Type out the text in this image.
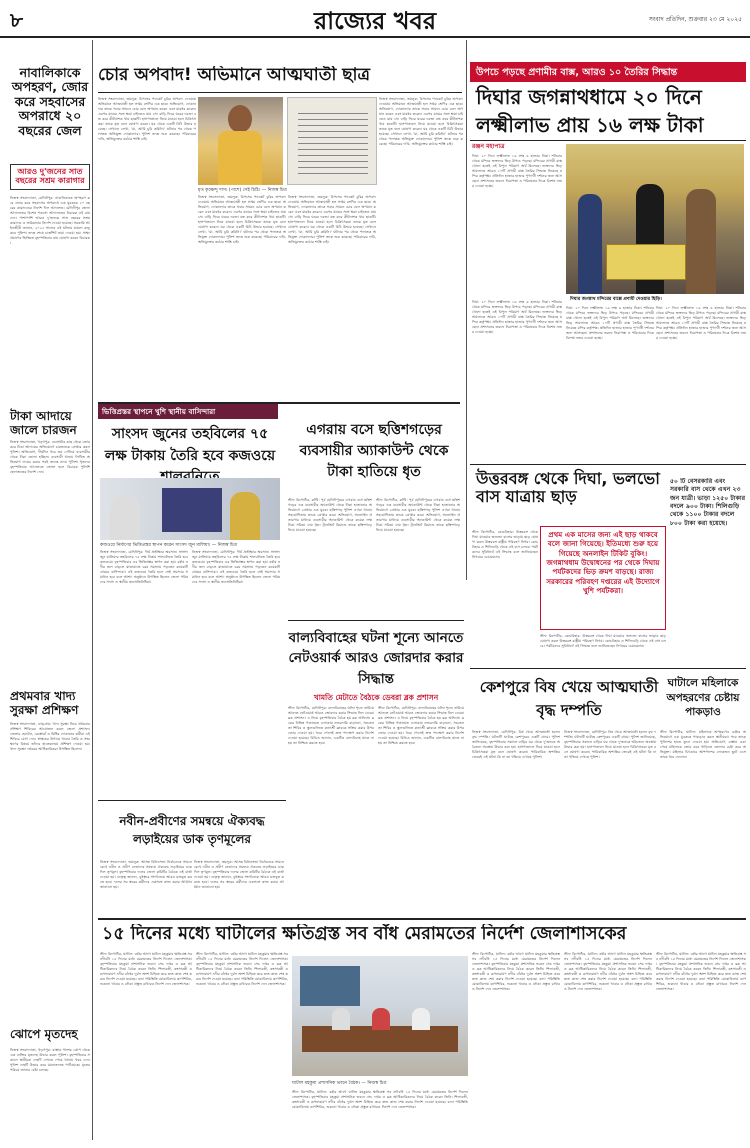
৮	রাজ্যের খবর	সংবাদ প্রতিদিন, শুক্রবার ২৩ মে ২০২৫
নাবালিকাকে অপহরণ, জোর করে সহবাসের অপরাধে ২০ বছরের জেল
আরও দু'জনের সাত বছরের সশ্রম কারাগার
নিজস্ব সংবাদদাতা, মেদিনীপুর: নাবালিকাকে অপহরণ করে জোর করে সহবাসের অপরাধে এক যুবককে ২০ বছরের কারাদণ্ডের নির্দেশ দিল আদালত। মেদিনীপুর জেলা আদালতের বিশেষ পকসো আদালতের বিচারক এই রায় দেন। পাশাপাশি আরও দু'জনকে সাত বছরের সশ্রম কারাদণ্ড ও জরিমানার নির্দেশ দেওয়া হয়েছে। সরকারি আইনজীবী জানান, ২০২২ সালের এই ঘটনায় মামলা রুজু করে পুলিশ। তদন্ত শেষে চার্জশিট জমা দেওয়া হয়। সাক্ষ্যপ্রমাণের ভিত্তিতে বৃহস্পতিবার রায় ঘোষণা করেন বিচারক।
টাকা আদায়ে জালে চারজন
নিজস্ব সংবাদদাতা, খড়গপুর: ব্যবসায়ীর কাছ থেকে জোর করে টাকা আদায়ের অভিযোগে চারজনকে গ্রেপ্তার করল পুলিশ। অভিযোগ, দীর্ঘদিন ধরে ভয় দেখিয়ে ব্যবসায়ীর থেকে টাকা তোলা হচ্ছিল। ব্যবসায়ী থানায় লিখিত অভিযোগ দায়ের করার পরই তদন্তে নামে পুলিশ। ধৃতদের বৃহস্পতিবার আদালতে তোলা হলে বিচারক পুলিশি হেফাজতের নির্দেশ দেন।
প্রথমবার খাদ্য সুরক্ষা প্রশিক্ষণ
নিজস্ব সংবাদদাতা, ঝাড়গ্রাম: খাদ্য সুরক্ষা নিয়ে প্রথমবার প্রশিক্ষণ শিবিরের আয়োজন করল জেলা প্রশাসন। জেলার হোটেল, রেস্তোরাঁ ও মিষ্টির দোকানের কর্মীরা এই শিবিরে যোগ দেন। স্বাস্থ্যকর উপায়ে খাবার তৈরি ও সংরক্ষণের বিষয়ে তাঁদের হাতেকলমে প্রশিক্ষণ দেওয়া হয়। খাদ্য সুরক্ষা দপ্তরের আধিকারিকরা উপস্থিত ছিলেন।
ঝোপে মৃতদেহ
নিজস্ব সংবাদদাতা, খড়গপুর: রাস্তার পাশের ঝোপ থেকে এক ব্যক্তির মৃতদেহ উদ্ধার করল পুলিশ। বৃহস্পতিবার সকালে স্থানীয়রা দেহটি দেখতে পেয়ে থানায় খবর দেন। পুলিশ দেহটি উদ্ধার করে ময়নাতদন্তে পাঠিয়েছে। মৃতের পরিচয় জানার চেষ্টা চলছে।
চোর অপবাদ! অভিমানে আত্মঘাতী ছাত্র
নিজস্ব সংবাদদাতা, তমলুক: চিপসের প্যাকেট চুরির অপবাদ দেওয়ায় অভিমানে আত্মঘাতী হল সপ্তম শ্রেণির এক ছাত্র। অভিযোগ, দোকানদার তাকে সবার সামনে চোর বলে অপমান করেন এবং মারধর করেন। এরপর মায়ের সঙ্গে ক্ষমা চাইতেও যায় সে। বাড়ি ফিরে ঘরের দরজা বন্ধ করে কীটনাশক খায় ছাত্রটি। হাসপাতালে নিয়ে যাওয়া হলে চিকিৎসকরা তাকে মৃত বলে ঘোষণা করেন। ঘর থেকে একটি চিঠি উদ্ধার হয়েছে। সেখানে লেখা, 'মা, আমি চুরি করিনি।' ঘটনার পর থেকে পলাতক অভিযুক্ত দোকানদার। পুলিশ তদন্ত শুরু করেছে। পরিবারের দাবি, অভিযুক্তের কঠোর শাস্তি চাই।
মৃত কৃষ্ণেন্দু দাস। (পাশে) সেই চিঠি। — নিজস্ব চিত্র
নিজস্ব সংবাদদাতা, তমলুক: চিপসের প্যাকেট চুরির অপবাদ দেওয়ায় অভিমানে আত্মঘাতী হল সপ্তম শ্রেণির এক ছাত্র। অভিযোগ, দোকানদার তাকে সবার সামনে চোর বলে অপমান করেন এবং মারধর করেন। এরপর মায়ের সঙ্গে ক্ষমা চাইতেও যায় সে। বাড়ি ফিরে ঘরের দরজা বন্ধ করে কীটনাশক খায় ছাত্রটি। হাসপাতালে নিয়ে যাওয়া হলে চিকিৎসকরা তাকে মৃত বলে ঘোষণা করেন। ঘর থেকে একটি চিঠি উদ্ধার হয়েছে। সেখানে লেখা, 'মা, আমি চুরি করিনি।' ঘটনার পর থেকে পলাতক অভিযুক্ত দোকানদার। পুলিশ তদন্ত শুরু করেছে। পরিবারের দাবি, অভিযুক্তের কঠোর শাস্তি চাই।
নিজস্ব সংবাদদাতা, তমলুক: চিপসের প্যাকেট চুরির অপবাদ দেওয়ায় অভিমানে আত্মঘাতী হল সপ্তম শ্রেণির এক ছাত্র। অভিযোগ, দোকানদার তাকে সবার সামনে চোর বলে অপমান করেন এবং মারধর করেন। এরপর মায়ের সঙ্গে ক্ষমা চাইতেও যায় সে। বাড়ি ফিরে ঘরের দরজা বন্ধ করে কীটনাশক খায় ছাত্রটি। হাসপাতালে নিয়ে যাওয়া হলে চিকিৎসকরা তাকে মৃত বলে ঘোষণা করেন। ঘর থেকে একটি চিঠি উদ্ধার হয়েছে। সেখানে লেখা, 'মা, আমি চুরি করিনি।' ঘটনার পর থেকে পলাতক অভিযুক্ত দোকানদার। পুলিশ তদন্ত শুরু করেছে। পরিবারের দাবি, অভিযুক্তের কঠোর শাস্তি চাই।
নিজস্ব সংবাদদাতা, তমলুক: চিপসের প্যাকেট চুরির অপবাদ দেওয়ায় অভিমানে আত্মঘাতী হল সপ্তম শ্রেণির এক ছাত্র। অভিযোগ, দোকানদার তাকে সবার সামনে চোর বলে অপমান করেন এবং মারধর করেন। এরপর মায়ের সঙ্গে ক্ষমা চাইতেও যায় সে। বাড়ি ফিরে ঘরের দরজা বন্ধ করে কীটনাশক খায় ছাত্রটি। হাসপাতালে নিয়ে যাওয়া হলে চিকিৎসকরা তাকে মৃত বলে ঘোষণা করেন। ঘর থেকে একটি চিঠি উদ্ধার হয়েছে। সেখানে লেখা, 'মা, আমি চুরি করিনি।' ঘটনার পর থেকে পলাতক অভিযুক্ত দোকানদার। পুলিশ তদন্ত শুরু করেছে। পরিবারের দাবি, অভিযুক্তের কঠোর শাস্তি চাই।
উপচে পড়ছে প্রণামীর বাক্স, আরও ১০ তৈরির সিদ্ধান্ত
দিঘার জগন্নাথধামে ২০ দিনে
লক্ষ্মীলাভ প্রায় ১৬ লক্ষ টাকা
রঞ্জন মহাপাত্র
দিঘা: ২০ দিনে লক্ষ্মীলাভ ১৬ লক্ষ ৬ হাজার টাকা। শনিবার থেকে মন্দিরে ভক্তদের ভিড় উপচে পড়ছে। মন্দিরের প্রণামী বাক্স খোলা হতেই এই বিপুল পরিমাণ অর্থ মিলেছে। ভক্তদের ভিড় সামলাতে আরও ১০টি প্রণামী বাক্স তৈরির সিদ্ধান্ত নিয়েছে মন্দির কর্তৃপক্ষ। প্রতিদিন হাজার হাজার পুণ্যার্থী দর্শনের জন্য আসছেন। প্রশাসনের তরফে নিরাপত্তা ও পরিষেবার দিকে বিশেষ নজর দেওয়া হচ্ছে।
দিঘার জগন্নাথ মন্দিরের বাক্সে প্রণামী দেওয়ার ছিড়ি।
দিঘা: ২০ দিনে লক্ষ্মীলাভ ১৬ লক্ষ ৬ হাজার টাকা। শনিবার থেকে মন্দিরে ভক্তদের ভিড় উপচে পড়ছে। মন্দিরের প্রণামী বাক্স খোলা হতেই এই বিপুল পরিমাণ অর্থ মিলেছে। ভক্তদের ভিড় সামলাতে আরও ১০টি প্রণামী বাক্স তৈরির সিদ্ধান্ত নিয়েছে মন্দির কর্তৃপক্ষ। প্রতিদিন হাজার হাজার পুণ্যার্থী দর্শনের জন্য আসছেন। প্রশাসনের তরফে নিরাপত্তা ও পরিষেবার দিকে বিশেষ নজর দেওয়া হচ্ছে।
দিঘা: ২০ দিনে লক্ষ্মীলাভ ১৬ লক্ষ ৬ হাজার টাকা। শনিবার থেকে মন্দিরে ভক্তদের ভিড় উপচে পড়ছে। মন্দিরের প্রণামী বাক্স খোলা হতেই এই বিপুল পরিমাণ অর্থ মিলেছে। ভক্তদের ভিড় সামলাতে আরও ১০টি প্রণামী বাক্স তৈরির সিদ্ধান্ত নিয়েছে মন্দির কর্তৃপক্ষ। প্রতিদিন হাজার হাজার পুণ্যার্থী দর্শনের জন্য আসছেন। প্রশাসনের তরফে নিরাপত্তা ও পরিষেবার দিকে বিশেষ নজর দেওয়া হচ্ছে।
দিঘা: ২০ দিনে লক্ষ্মীলাভ ১৬ লক্ষ ৬ হাজার টাকা। শনিবার থেকে মন্দিরে ভক্তদের ভিড় উপচে পড়ছে। মন্দিরের প্রণামী বাক্স খোলা হতেই এই বিপুল পরিমাণ অর্থ মিলেছে। ভক্তদের ভিড় সামলাতে আরও ১০টি প্রণামী বাক্স তৈরির সিদ্ধান্ত নিয়েছে মন্দির কর্তৃপক্ষ। প্রতিদিন হাজার হাজার পুণ্যার্থী দর্শনের জন্য আসছেন। প্রশাসনের তরফে নিরাপত্তা ও পরিষেবার দিকে বিশেষ নজর দেওয়া হচ্ছে।
উত্তরবঙ্গ থেকে দিঘা, ভলভো বাস যাত্রায় ছাড়
স্টাফ রিপোর্টার, কোচবিহার: উত্তরবঙ্গ থেকে দিঘা যাওয়ার ভলভো বাসের ভাড়ায় ছাড় ঘোষণা করল উত্তরবঙ্গ রাষ্ট্রীয় পরিবহণ নিগম। কোচবিহার ও শিলিগুড়ি থেকে এই বাস চলবে। পর্যটকদের সুবিধার্থে এই সিদ্ধান্ত বলে জানিয়েছেন নিগমের চেয়ারম্যান।
প্রথম এক মাসের জন্য এই ছাড় থাকবে বলে জানা গিয়েছে। ইতিমধ্যে শুরু হয়ে গিয়েছে অনলাইন টিকিট বুকিং। জগন্নাথধাম উদ্বোধনের পর থেকে দিঘায় পর্যটকদের ভিড় ক্রমশ বাড়ছে। রাজ্য সরকারের পরিবহণ দপ্তরের এই উদ্যোগে খুশি পর্যটকরা।
স্টাফ রিপোর্টার, কোচবিহার: উত্তরবঙ্গ থেকে দিঘা যাওয়ার ভলভো বাসের ভাড়ায় ছাড় ঘোষণা করল উত্তরবঙ্গ রাষ্ট্রীয় পরিবহণ নিগম। কোচবিহার ও শিলিগুড়ি থেকে এই বাস চলবে। পর্যটকদের সুবিধার্থে এই সিদ্ধান্ত বলে জানিয়েছেন নিগমের চেয়ারম্যান।
৫০ টি বেসরকারি এবং সরকারি বাস থেকে এখন ২৩ জন যাত্রী। ভাড়া ১২৫০ টাকার বদলে ৯০০ টাকা। শিলিগুড়ি থেকে ১১০০ টাকার বদলে ৮০০ টাকা করা হয়েছে।
ভিত্তিপ্রস্তর স্থাপনে খুশি স্থানীয় বাসিন্দারা
সাংসদ জুনের তহবিলের ৭৫ লক্ষ টাকায় তৈরি হবে কজওয়ে
কজওয়ে নির্মাণের ভিত্তিপ্রস্তর স্থাপন করেন সাংসদ জুন মালিয়া। — নিজস্ব চিত্র
নিজস্ব সংবাদদাতা, মেদিনীপুর: দীর্ঘ প্রতীক্ষার অবসান। সাংসদ জুন মালিয়ার তহবিলের ৭৫ লক্ষ টাকায় শালবনিতে তৈরি হবে কজওয়ে। বৃহস্পতিবার এর ভিত্তিপ্রস্তর স্থাপন করা হয়। বর্ষায় নদীর জল বাড়লে যাতায়াতে চরম সমস্যায় পড়তেন কয়েকটি গ্রামের বাসিন্দারা। এই কজওয়ে তৈরি হলে সেই সমস্যার সমাধান হবে বলে আশা। অনুষ্ঠানে উপস্থিত ছিলেন জেলা পরিষদের সদস্য ও স্থানীয় জনপ্রতিনিধিরা।
নিজস্ব সংবাদদাতা, মেদিনীপুর: দীর্ঘ প্রতীক্ষার অবসান। সাংসদ জুন মালিয়ার তহবিলের ৭৫ লক্ষ টাকায় শালবনিতে তৈরি হবে কজওয়ে। বৃহস্পতিবার এর ভিত্তিপ্রস্তর স্থাপন করা হয়। বর্ষায় নদীর জল বাড়লে যাতায়াতে চরম সমস্যায় পড়তেন কয়েকটি গ্রামের বাসিন্দারা। এই কজওয়ে তৈরি হলে সেই সমস্যার সমাধান হবে বলে আশা। অনুষ্ঠানে উপস্থিত ছিলেন জেলা পরিষদের সদস্য ও স্থানীয় জনপ্রতিনিধিরা।
এগরায় বসে ছত্তিশগড়ের ব্যবসায়ীর অ্যাকাউন্ট থেকে টাকা হাতিয়ে ধৃত
স্টাফ রিপোর্টার, কাঁথি: পূর্ব মেদিনীপুরের এগরায় বসে ছত্তিশগড়ের এক ব্যবসায়ীর অ্যাকাউন্ট থেকে টাকা হাতানোর অভিযোগে গ্রেপ্তার এক যুবক। ছত্তিশগড় পুলিশ এগরা থানার সহযোগিতায় তাকে গ্রেপ্তার করে। অভিযোগ, অনলাইন প্রতারণার মাধ্যমে ব্যবসায়ীর অ্যাকাউন্ট থেকে কয়েক লক্ষ টাকা সরিয়ে নেয় ধৃত। ট্রানজিট রিমান্ডে তাকে ছত্তিশগড়ে নিয়ে যাওয়া হয়েছে।
স্টাফ রিপোর্টার, কাঁথি: পূর্ব মেদিনীপুরের এগরায় বসে ছত্তিশগড়ের এক ব্যবসায়ীর অ্যাকাউন্ট থেকে টাকা হাতানোর অভিযোগে গ্রেপ্তার এক যুবক। ছত্তিশগড় পুলিশ এগরা থানার সহযোগিতায় তাকে গ্রেপ্তার করে। অভিযোগ, অনলাইন প্রতারণার মাধ্যমে ব্যবসায়ীর অ্যাকাউন্ট থেকে কয়েক লক্ষ টাকা সরিয়ে নেয় ধৃত। ট্রানজিট রিমান্ডে তাকে ছত্তিশগড়ে নিয়ে যাওয়া হয়েছে।
বাল্যবিবাহের ঘটনা শূন্যে আনতে নেটওয়ার্ক আরও জোরদার করার সিদ্ধান্ত
খামতি মেটাতে বৈঠকে ডেবরা ব্লক প্রশাসন
স্টাফ রিপোর্টার, মেদিনীপুর: বাল্যবিবাহের ঘটনা শূন্যে নামিয়ে আনতে নেটওয়ার্ক আরও জোরদার করার সিদ্ধান্ত নিল ডেবরা ব্লক প্রশাসন। এ নিয়ে বৃহস্পতিবার বৈঠক হয় ব্লক অফিসে। ব্লকের বিভিন্ন পঞ্চায়েত এলাকায় নজরদারি বাড়ানো, সচেতনতা শিবির ও স্কুলগুলিতে কন্যাশ্রী ক্লাবকে সক্রিয় করার উপর জোর দেওয়া হয়। খবর পেলেই দ্রুত পদক্ষেপ করার নির্দেশ দেওয়া হয়েছে। বিডিও জানান, একটিও বাল্যবিবাহ যাতে না হয় তা নিশ্চিত করতে হবে।
স্টাফ রিপোর্টার, মেদিনীপুর: বাল্যবিবাহের ঘটনা শূন্যে নামিয়ে আনতে নেটওয়ার্ক আরও জোরদার করার সিদ্ধান্ত নিল ডেবরা ব্লক প্রশাসন। এ নিয়ে বৃহস্পতিবার বৈঠক হয় ব্লক অফিসে। ব্লকের বিভিন্ন পঞ্চায়েত এলাকায় নজরদারি বাড়ানো, সচেতনতা শিবির ও স্কুলগুলিতে কন্যাশ্রী ক্লাবকে সক্রিয় করার উপর জোর দেওয়া হয়। খবর পেলেই দ্রুত পদক্ষেপ করার নির্দেশ দেওয়া হয়েছে। বিডিও জানান, একটিও বাল্যবিবাহ যাতে না হয় তা নিশ্চিত করতে হবে।
নবীন-প্রবীণের সমন্বয়ে ঐক্যবদ্ধ লড়াইয়ের ডাক তৃণমূলের
নিজস্ব সংবাদদাতা, তমলুক: আসন্ন বিধানসভা নির্বাচনকে সামনে রেখে নবীন ও প্রবীণ নেতাদের সমন্বয়ে ঐক্যবদ্ধ লড়াইয়ের ডাক দিল তৃণমূল। বৃহস্পতিবার দলের জেলা কমিটির বৈঠকে এই বার্তা দেওয়া হয়। নেতৃত্ব জানান, বুথস্তরে সংগঠনকে আরও মজবুত করতে হবে। দলের সব স্তরের কর্মীদের একসঙ্গে কাজ করার আহ্বান জানানো হয়।
নিজস্ব সংবাদদাতা, তমলুক: আসন্ন বিধানসভা নির্বাচনকে সামনে রেখে নবীন ও প্রবীণ নেতাদের সমন্বয়ে ঐক্যবদ্ধ লড়াইয়ের ডাক দিল তৃণমূল। বৃহস্পতিবার দলের জেলা কমিটির বৈঠকে এই বার্তা দেওয়া হয়। নেতৃত্ব জানান, বুথস্তরে সংগঠনকে আরও মজবুত করতে হবে। দলের সব স্তরের কর্মীদের একসঙ্গে কাজ করার আহ্বান জানানো হয়।
কেশপুরে বিষ খেয়ে আত্মঘাতী বৃদ্ধ দম্পতি
নিজস্ব সংবাদদাতা, মেদিনীপুর: বিষ খেয়ে আত্মঘাতী হলেন বৃদ্ধ দম্পতি। ঘটনাটি ঘটেছে কেশপুরের একটি গ্রামে। পুলিশ জানিয়েছে, বৃহস্পতিবার সকালে বাড়ির ঘর থেকে দু'জনকে অচৈতন্য অবস্থায় উদ্ধার করা হয়। হাসপাতালে নিয়ে যাওয়া হলে চিকিৎসকরা মৃত বলে ঘোষণা করেন। পারিবারিক অশান্তির জেরেই এই ঘটনা কি না তা খতিয়ে দেখছে পুলিশ।
নিজস্ব সংবাদদাতা, মেদিনীপুর: বিষ খেয়ে আত্মঘাতী হলেন বৃদ্ধ দম্পতি। ঘটনাটি ঘটেছে কেশপুরের একটি গ্রামে। পুলিশ জানিয়েছে, বৃহস্পতিবার সকালে বাড়ির ঘর থেকে দু'জনকে অচৈতন্য অবস্থায় উদ্ধার করা হয়। হাসপাতালে নিয়ে যাওয়া হলে চিকিৎসকরা মৃত বলে ঘোষণা করেন। পারিবারিক অশান্তির জেরেই এই ঘটনা কি না তা খতিয়ে দেখছে পুলিশ।
ঘাটালে মহিলাকে অপহরণের চেষ্টায় পাকড়াও
স্টাফ রিপোর্টার, ঘাটাল: মহিলাকে অপহরণের চেষ্টার অভিযোগে এক যুবককে পাকড়াও করল স্থানীয়রা। পরে তাকে পুলিশের হাতে তুলে দেওয়া হয়। অভিযোগ, রাস্তায় একা পেয়ে মহিলাকে জোর করে গাড়িতে তোলার চেষ্টা করে অভিযুক্ত। মহিলার চিৎকারে আশপাশের লোকজন ছুটে এসে তাকে ধরে ফেলেন।
১৫ দিনের মধ্যে ঘাটালের ক্ষতিগ্রস্ত সব বাঁধ মেরামতের নির্দেশ জেলাশাসকের
স্টাফ রিপোর্টার, ঘাটাল: বর্ষার আগে ঘাটাল মহকুমার ক্ষতিগ্রস্ত সব নদীবাঁধ ১৫ দিনের মধ্যে মেরামতের নির্দেশ দিলেন জেলাশাসক। বৃহস্পতিবার মহকুমা প্রশাসনিক ভবনে সেচ দপ্তর ও ব্লক আধিকারিকদের নিয়ে বৈঠক করেন তিনি। শিলাবতী, কংসাবতী ও রূপনারায়ণ নদীর বাঁধের দুর্বল অংশ চিহ্নিত করে দ্রুত কাজ শেষ করার নির্দেশ দেওয়া হয়েছে। বন্যা পরিস্থিতি মোকাবিলায় ত্রাণশিবির, শুকনো খাবার ও নৌকা প্রস্তুত রাখারও নির্দেশ দেন জেলাশাসক।
স্টাফ রিপোর্টার, ঘাটাল: বর্ষার আগে ঘাটাল মহকুমার ক্ষতিগ্রস্ত সব নদীবাঁধ ১৫ দিনের মধ্যে মেরামতের নির্দেশ দিলেন জেলাশাসক। বৃহস্পতিবার মহকুমা প্রশাসনিক ভবনে সেচ দপ্তর ও ব্লক আধিকারিকদের নিয়ে বৈঠক করেন তিনি। শিলাবতী, কংসাবতী ও রূপনারায়ণ নদীর বাঁধের দুর্বল অংশ চিহ্নিত করে দ্রুত কাজ শেষ করার নির্দেশ দেওয়া হয়েছে। বন্যা পরিস্থিতি মোকাবিলায় ত্রাণশিবির, শুকনো খাবার ও নৌকা প্রস্তুত রাখারও নির্দেশ দেন জেলাশাসক।
ঘাটাল মহকুমা প্রশাসনিক ভবনে বৈঠক। — নিজস্ব চিত্র
স্টাফ রিপোর্টার, ঘাটাল: বর্ষার আগে ঘাটাল মহকুমার ক্ষতিগ্রস্ত সব নদীবাঁধ ১৫ দিনের মধ্যে মেরামতের নির্দেশ দিলেন জেলাশাসক। বৃহস্পতিবার মহকুমা প্রশাসনিক ভবনে সেচ দপ্তর ও ব্লক আধিকারিকদের নিয়ে বৈঠক করেন তিনি। শিলাবতী, কংসাবতী ও রূপনারায়ণ নদীর বাঁধের দুর্বল অংশ চিহ্নিত করে দ্রুত কাজ শেষ করার নির্দেশ দেওয়া হয়েছে। বন্যা পরিস্থিতি মোকাবিলায় ত্রাণশিবির, শুকনো খাবার ও নৌকা প্রস্তুত রাখারও নির্দেশ দেন জেলাশাসক।
স্টাফ রিপোর্টার, ঘাটাল: বর্ষার আগে ঘাটাল মহকুমার ক্ষতিগ্রস্ত সব নদীবাঁধ ১৫ দিনের মধ্যে মেরামতের নির্দেশ দিলেন জেলাশাসক। বৃহস্পতিবার মহকুমা প্রশাসনিক ভবনে সেচ দপ্তর ও ব্লক আধিকারিকদের নিয়ে বৈঠক করেন তিনি। শিলাবতী, কংসাবতী ও রূপনারায়ণ নদীর বাঁধের দুর্বল অংশ চিহ্নিত করে দ্রুত কাজ শেষ করার নির্দেশ দেওয়া হয়েছে। বন্যা পরিস্থিতি মোকাবিলায় ত্রাণশিবির, শুকনো খাবার ও নৌকা প্রস্তুত রাখারও নির্দেশ দেন জেলাশাসক।
স্টাফ রিপোর্টার, ঘাটাল: বর্ষার আগে ঘাটাল মহকুমার ক্ষতিগ্রস্ত সব নদীবাঁধ ১৫ দিনের মধ্যে মেরামতের নির্দেশ দিলেন জেলাশাসক। বৃহস্পতিবার মহকুমা প্রশাসনিক ভবনে সেচ দপ্তর ও ব্লক আধিকারিকদের নিয়ে বৈঠক করেন তিনি। শিলাবতী, কংসাবতী ও রূপনারায়ণ নদীর বাঁধের দুর্বল অংশ চিহ্নিত করে দ্রুত কাজ শেষ করার নির্দেশ দেওয়া হয়েছে। বন্যা পরিস্থিতি মোকাবিলায় ত্রাণশিবির, শুকনো খাবার ও নৌকা প্রস্তুত রাখারও নির্দেশ দেন জেলাশাসক।
স্টাফ রিপোর্টার, ঘাটাল: বর্ষার আগে ঘাটাল মহকুমার ক্ষতিগ্রস্ত সব নদীবাঁধ ১৫ দিনের মধ্যে মেরামতের নির্দেশ দিলেন জেলাশাসক। বৃহস্পতিবার মহকুমা প্রশাসনিক ভবনে সেচ দপ্তর ও ব্লক আধিকারিকদের নিয়ে বৈঠক করেন তিনি। শিলাবতী, কংসাবতী ও রূপনারায়ণ নদীর বাঁধের দুর্বল অংশ চিহ্নিত করে দ্রুত কাজ শেষ করার নির্দেশ দেওয়া হয়েছে। বন্যা পরিস্থিতি মোকাবিলায় ত্রাণশিবির, শুকনো খাবার ও নৌকা প্রস্তুত রাখারও নির্দেশ দেন জেলাশাসক।
